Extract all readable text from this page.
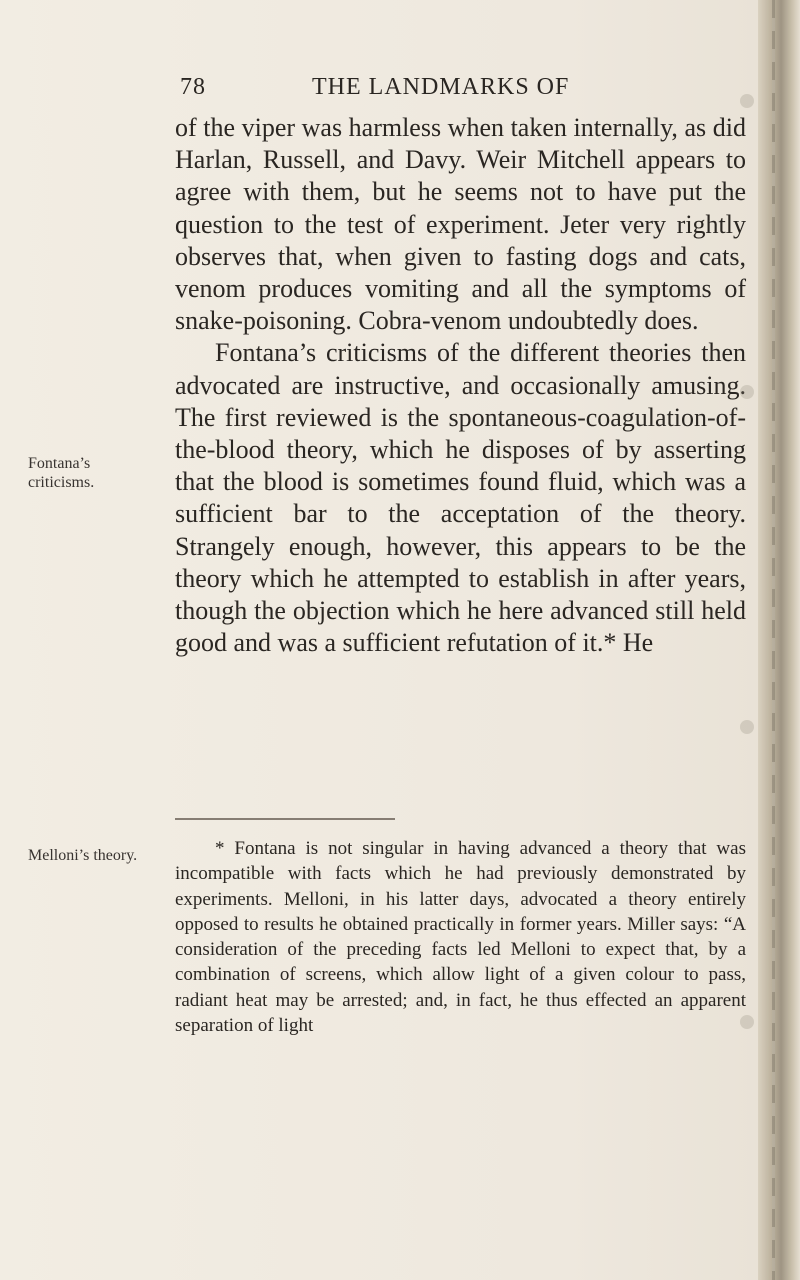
78	THE LANDMARKS OF
Fontana’s criticisms.
Melloni’s theory.

of the viper was harmless when taken internally, as did Harlan, Russell, and Davy. Weir Mitchell appears to agree with them, but he seems not to have put the question to the test of experiment. Jeter very rightly observes that, when given to fasting dogs and cats, venom produces vomiting and all the symptoms of snake-poisoning. Cobra-venom undoubtedly does.

Fontana’s criticisms of the different theories then advocated are instructive, and occasionally amusing. The first reviewed is the spontaneous-coagulation-of-the-blood theory, which he disposes of by asserting that the blood is sometimes found fluid, which was a sufficient bar to the acceptation of the theory. Strangely enough, however, this appears to be the theory which he attempted to establish in after years, though the objection which he here advanced still held good and was a sufficient refutation of it.* He

* Fontana is not singular in having advanced a theory that was incompatible with facts which he had previously demonstrated by experiments. Melloni, in his latter days, advocated a theory entirely opposed to results he obtained practically in former years. Miller says: “A consideration of the preceding facts led Melloni to expect that, by a combination of screens, which allow light of a given colour to pass, radiant heat may be arrested; and, in fact, he thus effected an apparent separation of light
